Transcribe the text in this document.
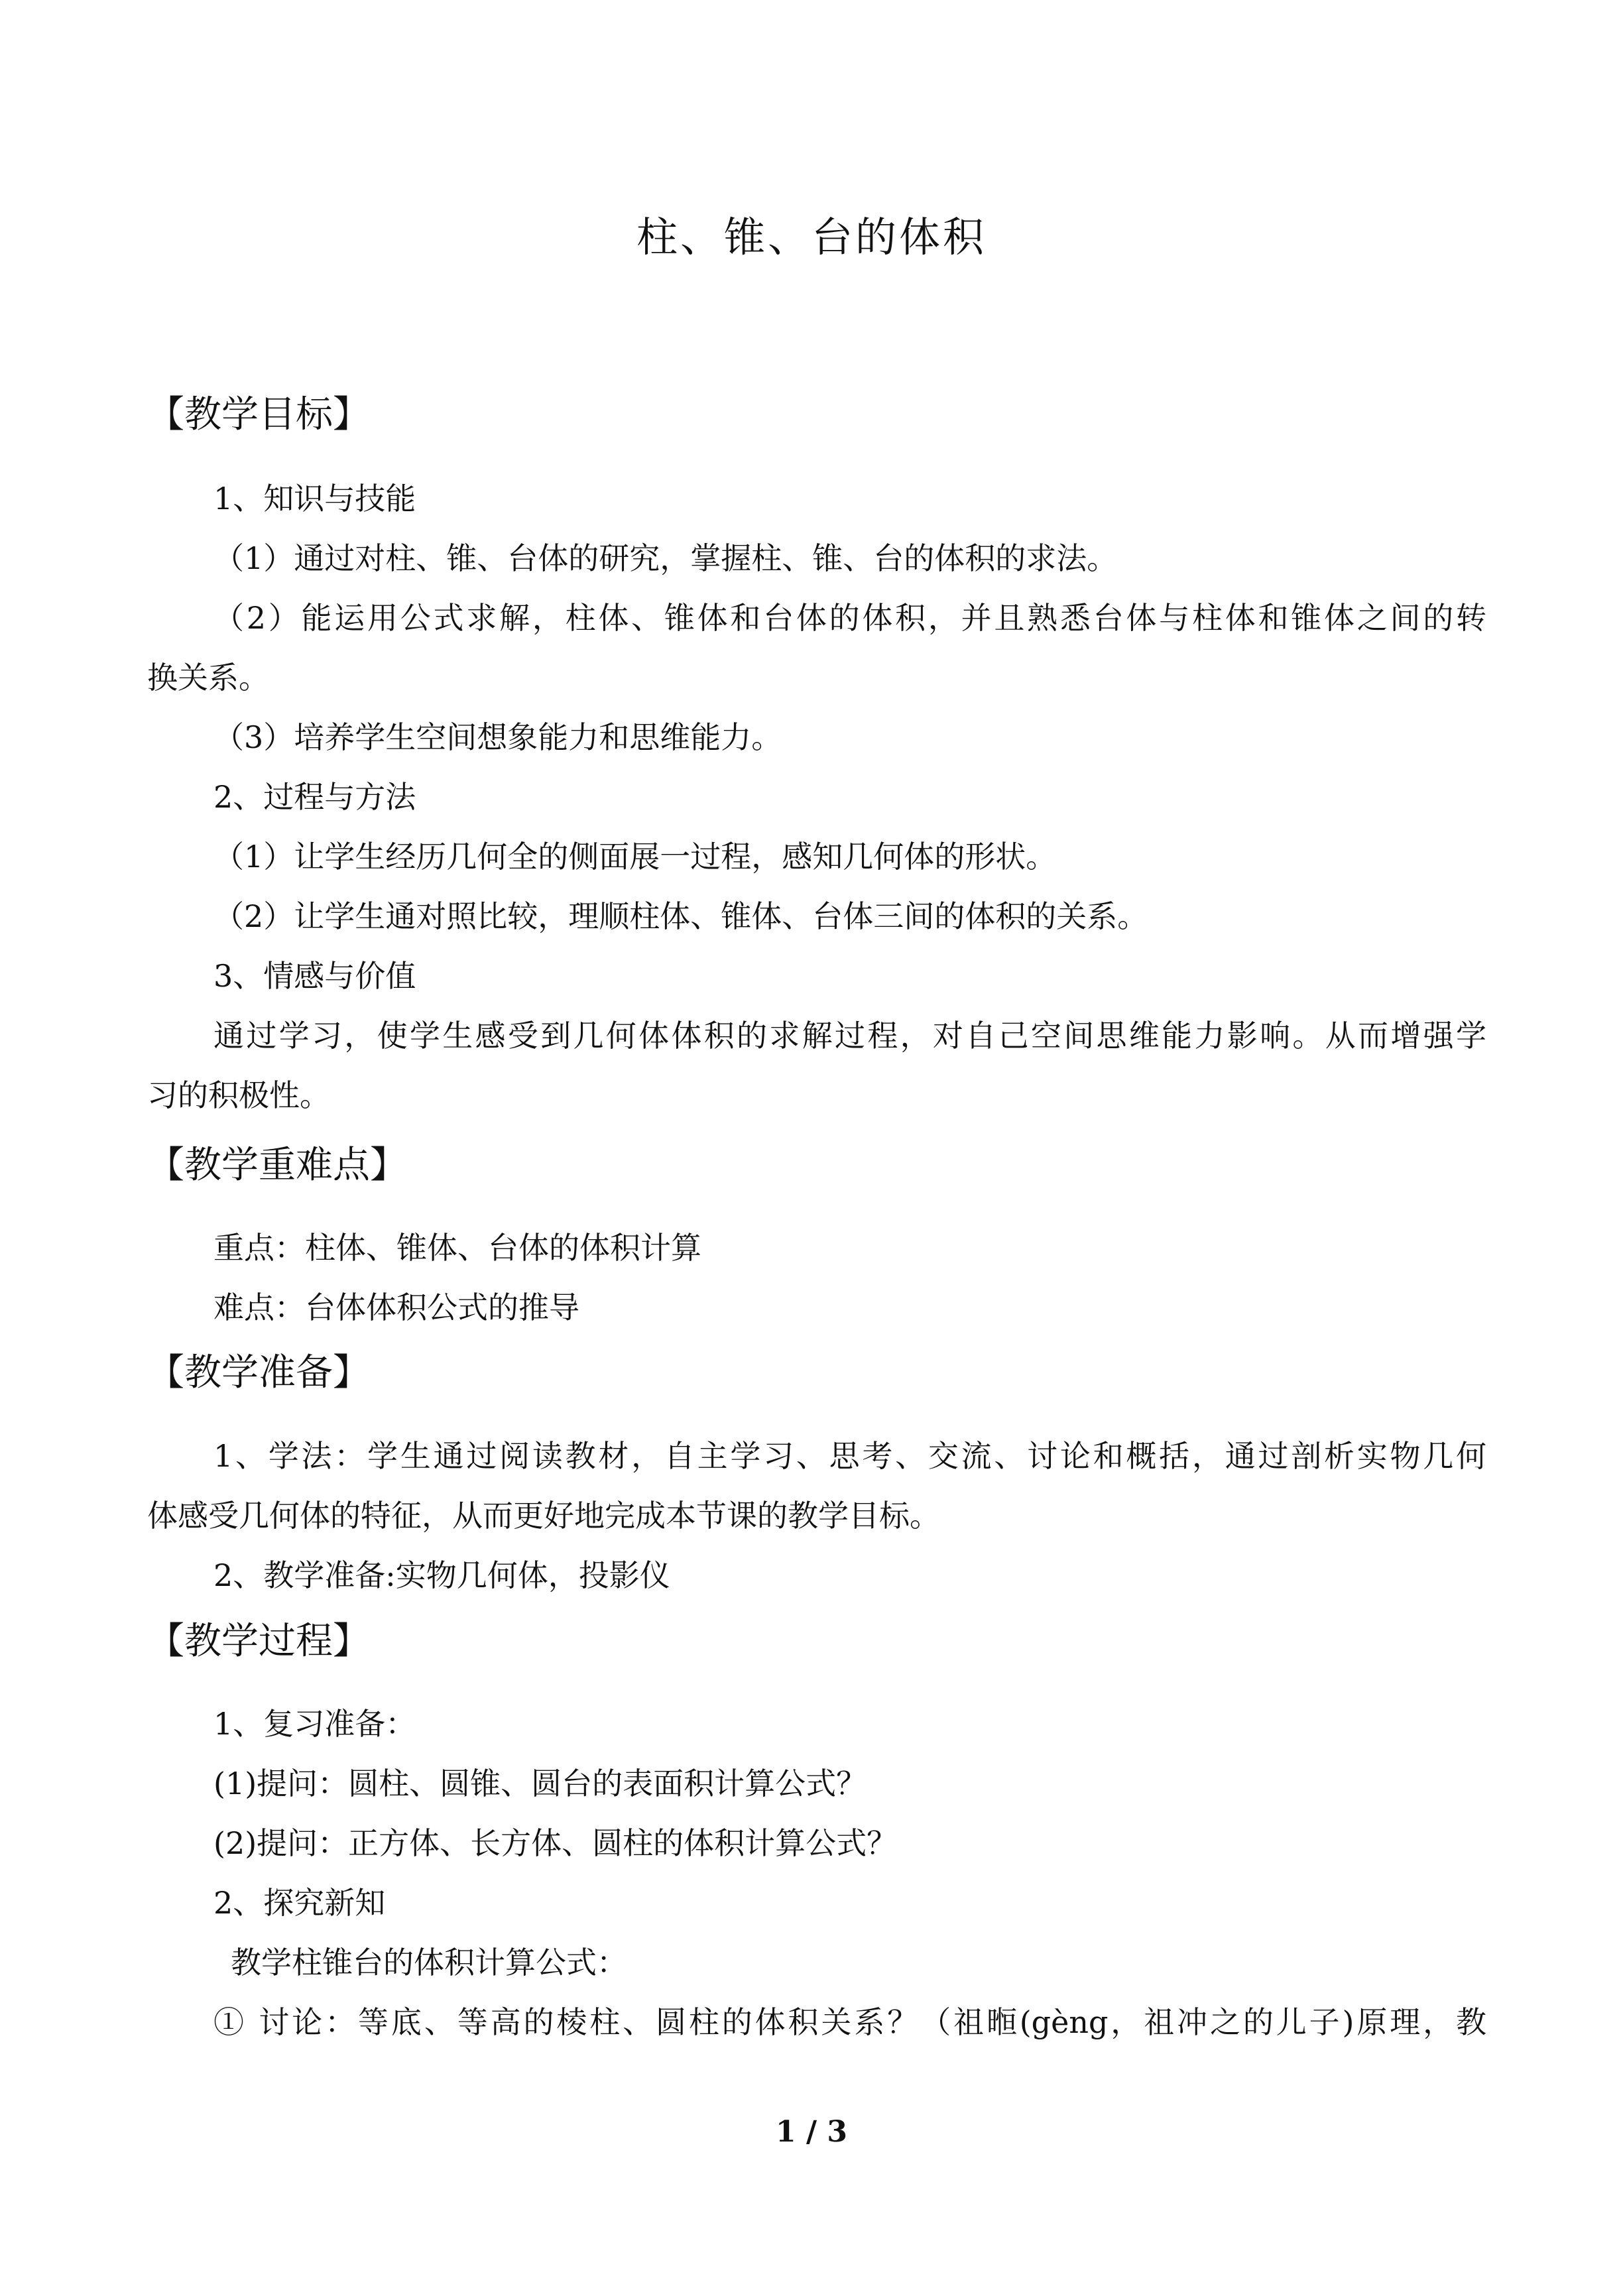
柱、锥、台的体积
【教学目标】
1、知识与技能
（1）通过对柱、锥、台体的研究，掌握柱、锥、台的体积的求法。
（2）能运用公式求解，柱体、锥体和台体的体积，并且熟悉台体与柱体和锥体之间的转
换关系。
（3）培养学生空间想象能力和思维能力。
2、过程与方法
（1）让学生经历几何全的侧面展一过程，感知几何体的形状。
（2）让学生通对照比较，理顺柱体、锥体、台体三间的体积的关系。
3、情感与价值
通过学习，使学生感受到几何体体积的求解过程，对自己空间思维能力影响。从而增强学
习的积极性。
【教学重难点】
重点：柱体、锥体、台体的体积计算
难点：台体体积公式的推导
【教学准备】
1、学法：学生通过阅读教材，自主学习、思考、交流、讨论和概括，通过剖析实物几何
体感受几何体的特征，从而更好地完成本节课的教学目标。
2、教学准备:实物几何体，投影仪
【教学过程】
1、复习准备：
(1)提问：圆柱、圆锥、圆台的表面积计算公式？
(2)提问：正方体、长方体、圆柱的体积计算公式？
2、探究新知
教学柱锥台的体积计算公式：
① 讨论：等底、等高的棱柱、圆柱的体积关系？（祖暅(gèng，祖冲之的儿子)原理，教
1 / 3
